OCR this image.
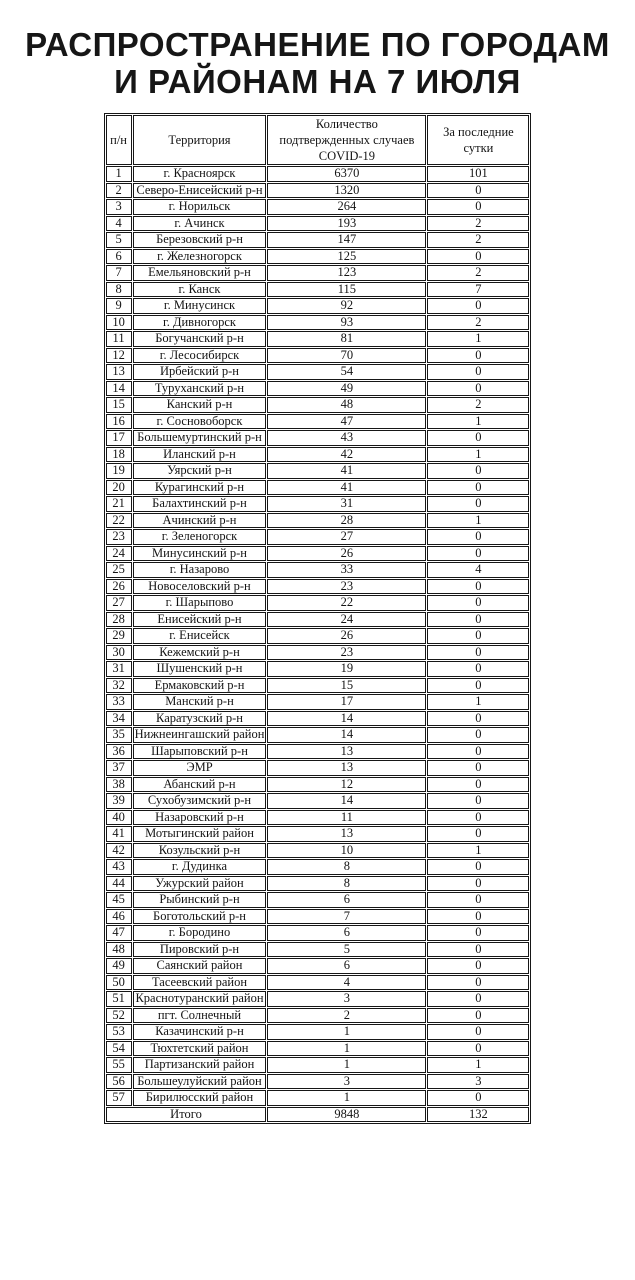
РАСПРОСТРАНЕНИЕ ПО ГОРОДАМ
И РАЙОНАМ НА 7 ИЮЛЯ
п/н	Территория	Количество подтвержденных случаев COVID-19	За последние сутки
1	г. Красноярск	6370	101
2	Северо-Енисейский р-н	1320	0
3	г. Норильск	264	0
4	г. Ачинск	193	2
5	Березовский р-н	147	2
6	г. Железногорск	125	0
7	Емельяновский р-н	123	2
8	г. Канск	115	7
9	г. Минусинск	92	0
10	г. Дивногорск	93	2
11	Богучанский р-н	81	1
12	г. Лесосибирск	70	0
13	Ирбейский р-н	54	0
14	Туруханский р-н	49	0
15	Канский р-н	48	2
16	г. Сосновоборск	47	1
17	Большемуртинский р-н	43	0
18	Иланский р-н	42	1
19	Уярский р-н	41	0
20	Курагинский р-н	41	0
21	Балахтинский р-н	31	0
22	Ачинский р-н	28	1
23	г. Зеленогорск	27	0
24	Минусинский р-н	26	0
25	г. Назарово	33	4
26	Новоселовский р-н	23	0
27	г. Шарыпово	22	0
28	Енисейский р-н	24	0
29	г. Енисейск	26	0
30	Кежемский р-н	23	0
31	Шушенский р-н	19	0
32	Ермаковский р-н	15	0
33	Манский р-н	17	1
34	Каратузский р-н	14	0
35	Нижнеингашский район	14	0
36	Шарыповский р-н	13	0
37	ЭМР	13	0
38	Абанский р-н	12	0
39	Сухобузимский р-н	14	0
40	Назаровский р-н	11	0
41	Мотыгинский район	13	0
42	Козульский р-н	10	1
43	г. Дудинка	8	0
44	Ужурский район	8	0
45	Рыбинский р-н	6	0
46	Боготольский р-н	7	0
47	г. Бородино	6	0
48	Пировский р-н	5	0
49	Саянский район	6	0
50	Тасеевский район	4	0
51	Краснотуранский район	3	0
52	пгт. Солнечный	2	0
53	Казачинский р-н	1	0
54	Тюхтетский район	1	0
55	Партизанский район	1	1
56	Большеулуйский район	3	3
57	Бирилюсский район	1	0
Итого		9848	132
